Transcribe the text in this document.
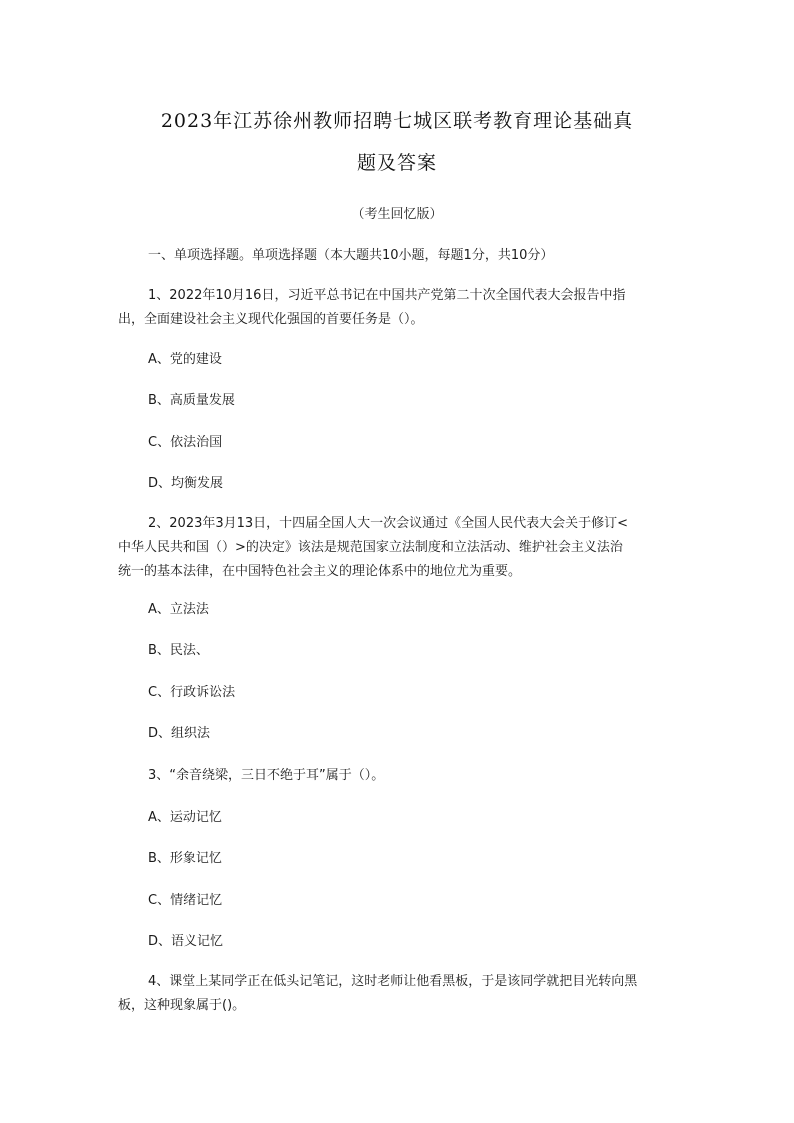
2023年江苏徐州教师招聘七城区联考教育理论基础真
题及答案
（考生回忆版）
一、单项选择题。单项选择题（本大题共10小题，每题1分，共10分）
1、2022年10月16日，习近平总书记在中国共产党第二十次全国代表大会报告中指
出，全面建设社会主义现代化强国的首要任务是（）。
A、党的建设
B、高质量发展
C、依法治国
D、均衡发展
2、2023年3月13日，十四届全国人大一次会议通过《全国人民代表大会关于修订<
中华人民共和国（）>的决定》该法是规范国家立法制度和立法活动、维护社会主义法治
统一的基本法律，在中国特色社会主义的理论体系中的地位尤为重要。
A、立法法
B、民法、
C、行政诉讼法
D、组织法
3、“余音绕梁，三日不绝于耳”属于（）。
A、运动记忆
B、形象记忆
C、情绪记忆
D、语义记忆
4、课堂上某同学正在低头记笔记，这时老师让他看黑板，于是该同学就把目光转向黑
板，这种现象属于()。
